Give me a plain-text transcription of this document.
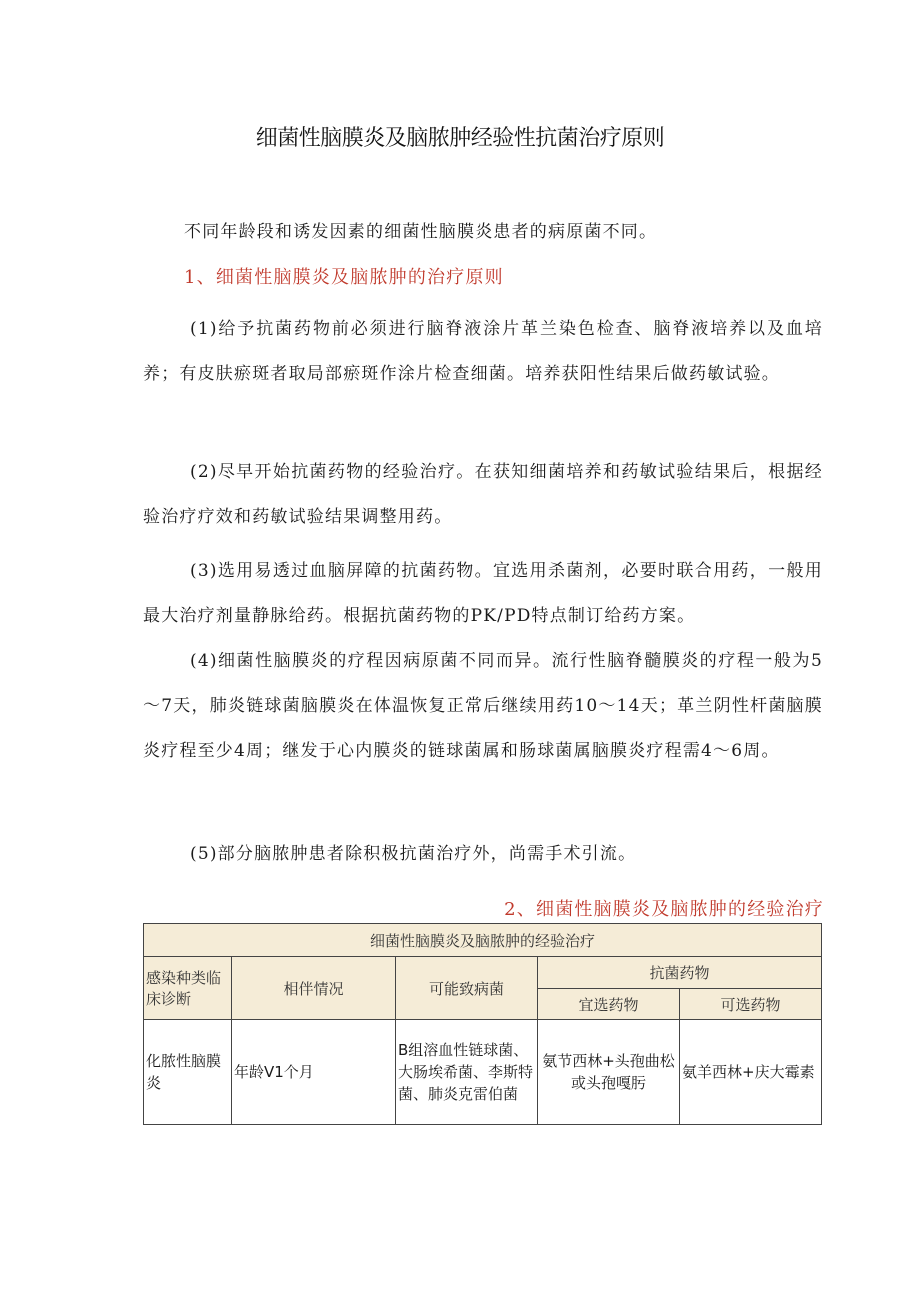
细菌性脑膜炎及脑脓肿经验性抗菌治疗原则
不同年龄段和诱发因素的细菌性脑膜炎患者的病原菌不同。
1、细菌性脑膜炎及脑脓肿的治疗原则
(1)给予抗菌药物前必须进行脑脊液涂片革兰染色检查、脑脊液培养以及血培养；有皮肤瘀斑者取局部瘀斑作涂片检查细菌。培养获阳性结果后做药敏试验。
(2)尽早开始抗菌药物的经验治疗。在获知细菌培养和药敏试验结果后，根据经验治疗疗效和药敏试验结果调整用药。
(3)选用易透过血脑屏障的抗菌药物。宜选用杀菌剂，必要时联合用药，一般用最大治疗剂量静脉给药。根据抗菌药物的PK/PD特点制订给药方案。
(4)细菌性脑膜炎的疗程因病原菌不同而异。流行性脑脊髓膜炎的疗程一般为5～7天，肺炎链球菌脑膜炎在体温恢复正常后继续用药10～14天；革兰阴性杆菌脑膜炎疗程至少4周；继发于心内膜炎的链球菌属和肠球菌属脑膜炎疗程需4～6周。
(5)部分脑脓肿患者除积极抗菌治疗外，尚需手术引流。
2、细菌性脑膜炎及脑脓肿的经验治疗
细菌性脑膜炎及脑脓肿的经验治疗				
感染种类临床诊断	相伴情况	可能致病菌	抗菌药物	
			宜选药物	可选药物
化脓性脑膜炎	年龄V1个月	B组溶血性链球菌、大肠埃希菌、李斯特菌、肺炎克雷伯菌	氨节西林+头孢曲松或头孢嘎肟	氨羊西林+庆大霉素
